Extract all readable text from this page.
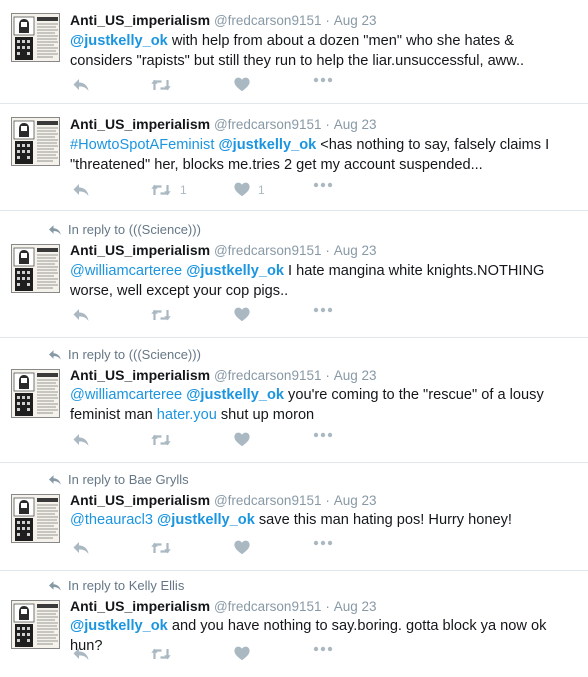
Anti_US_imperialism @fredcarson9151 · Aug 23
@justkelly_ok with help from about a dozen "men" who she hates & considers "rapists" but still they run to help the liar.unsuccessful, aww..
Anti_US_imperialism @fredcarson9151 · Aug 23
#HowtoSpotAFeminist @justkelly_ok <has nothing to say, falsely claims I "threatened" her, blocks me.tries 2 get my account suspended...
1	1
In reply to (((Science)))
Anti_US_imperialism @fredcarson9151 · Aug 23
@williamcarteree @justkelly_ok I hate mangina white knights.NOTHING worse, well except your cop pigs..
In reply to (((Science)))
Anti_US_imperialism @fredcarson9151 · Aug 23
@williamcarteree @justkelly_ok you're coming to the "rescue" of a lousy feminist man hater.you shut up moron
In reply to Bae Grylls
Anti_US_imperialism @fredcarson9151 · Aug 23
@theauracl3 @justkelly_ok save this man hating pos! Hurry honey!
In reply to Kelly Ellis
Anti_US_imperialism @fredcarson9151 · Aug 23
@justkelly_ok and you have nothing to say.boring. gotta block ya now ok hun?
